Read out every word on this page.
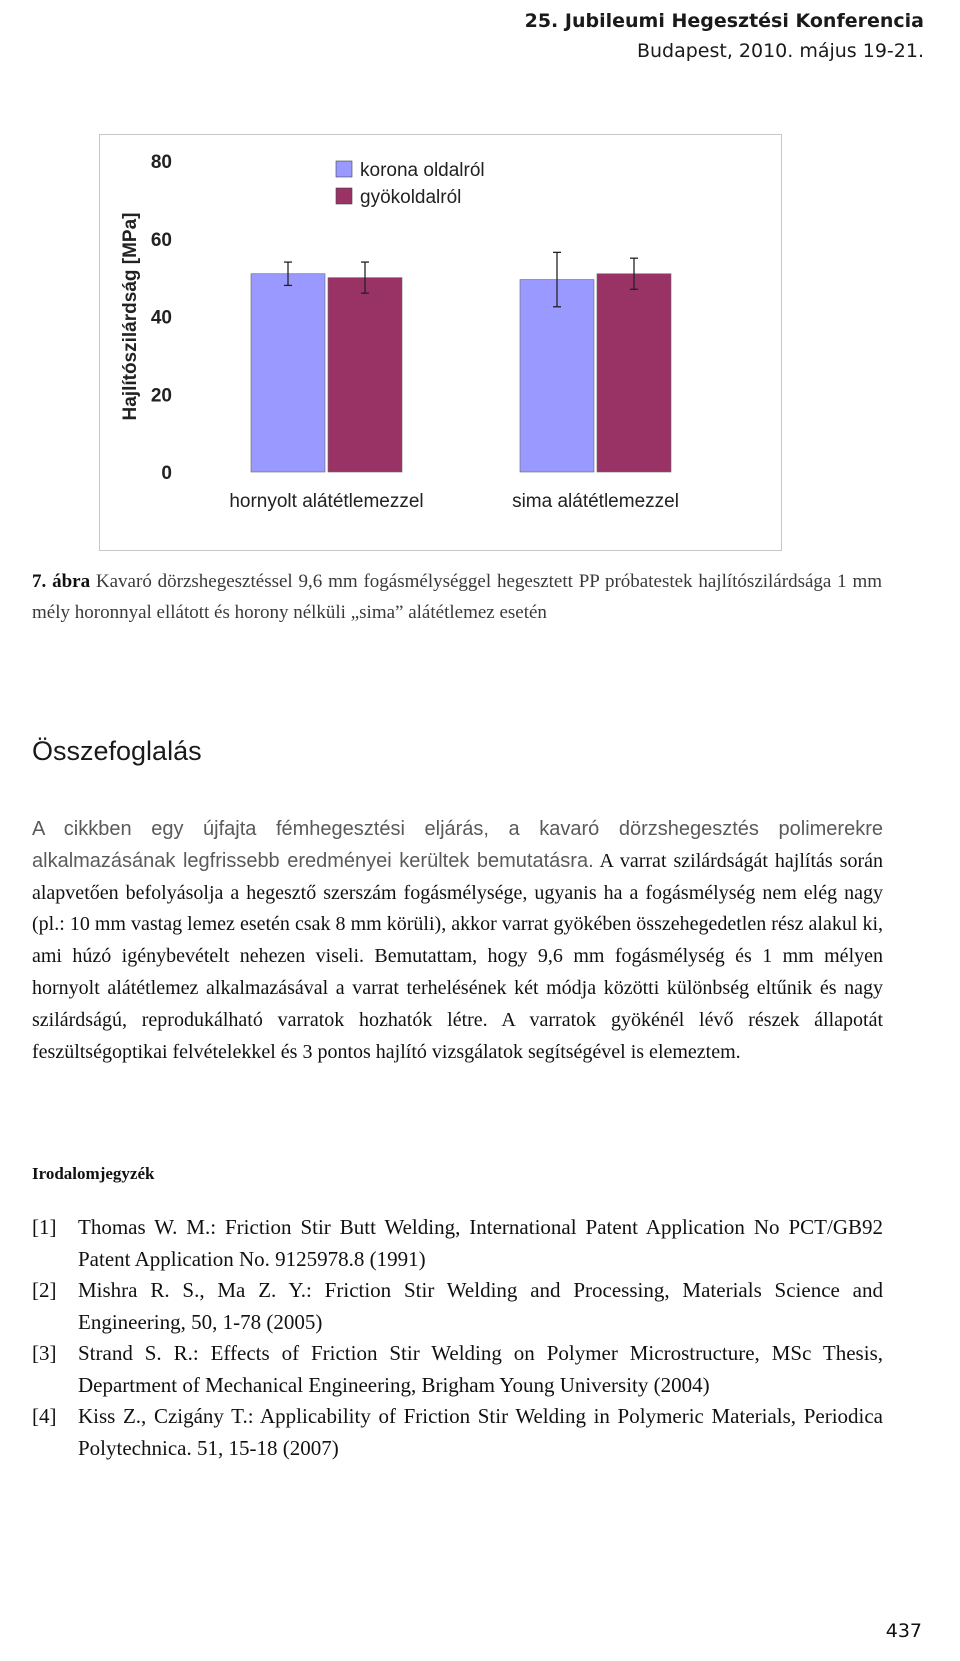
25. Jubileumi Hegesztési Konferencia
Budapest, 2010. május 19-21.
0
20
40
60
80
Hajlítószilárdság [MPa]
hornyolt alátétlemezzel	sima alátétlemezzel
korona oldalról
gyökoldalról
7. ábra Kavaró dörzshegesztéssel 9,6 mm fogásmélységgel hegesztett PP próbatestek hajlítószilárdsága 1 mm mély horonnyal ellátott és horony nélküli „sima” alátétlemez esetén
Összefoglalás
A cikkben egy újfajta fémhegesztési eljárás, a kavaró dörzshegesztés polimerekre alkalmazásának legfrissebb eredményei kerültek bemutatásra. A varrat szilárdságát hajlítás során alapvetően befolyásolja a hegesztő szerszám fogásmélysége, ugyanis ha a fogásmélység nem elég nagy (pl.: 10 mm vastag lemez esetén csak 8 mm körüli), akkor varrat gyökében összehegedetlen rész alakul ki, ami húzó igénybevételt nehezen viseli. Bemutattam, hogy 9,6 mm fogásmélység és 1 mm mélyen hornyolt alátétlemez alkalmazásával a varrat terhelésének két módja közötti különbség eltűnik és nagy szilárdságú, reprodukálható varratok hozhatók létre. A varratok gyökénél lévő részek állapotát feszültségoptikai felvételekkel és 3 pontos hajlító vizsgálatok segítségével is elemeztem.
Irodalomjegyzék
[1]	Thomas W. M.: Friction Stir Butt Welding, International Patent Application No PCT/GB92 Patent Application No. 9125978.8 (1991)
[2]	Mishra R. S., Ma Z. Y.: Friction Stir Welding and Processing, Materials Science and Engineering, 50, 1-78 (2005)
[3]	Strand S. R.: Effects of Friction Stir Welding on Polymer Microstructure, MSc Thesis, Department of Mechanical Engineering, Brigham Young University (2004)
[4]	Kiss Z., Czigány T.: Applicability of Friction Stir Welding in Polymeric Materials, Periodica Polytechnica. 51, 15-18 (2007)
437
